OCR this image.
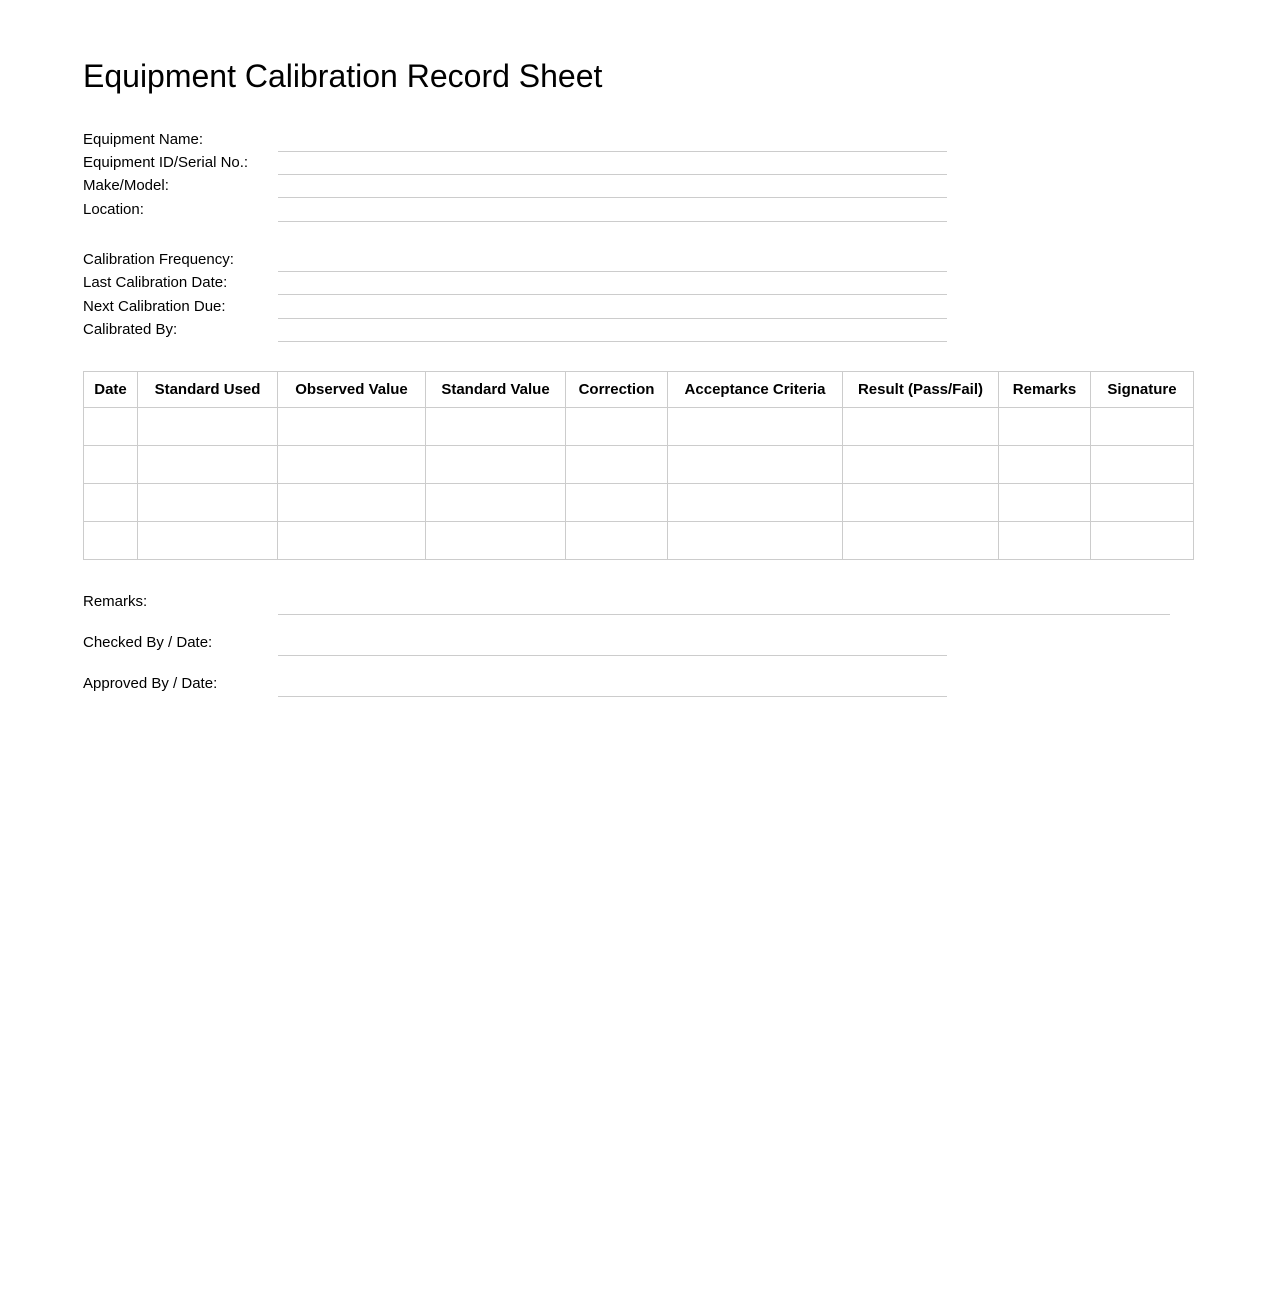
Equipment Calibration Record Sheet
Equipment Name:
Equipment ID/Serial No.:
Make/Model:
Location:
Calibration Frequency:
Last Calibration Date:
Next Calibration Due:
Calibrated By:
Date	Standard Used	Observed Value	Standard Value	Correction	Acceptance Criteria	Result (Pass/Fail)	Remarks	Signature

Remarks:
Checked By / Date:
Approved By / Date:
